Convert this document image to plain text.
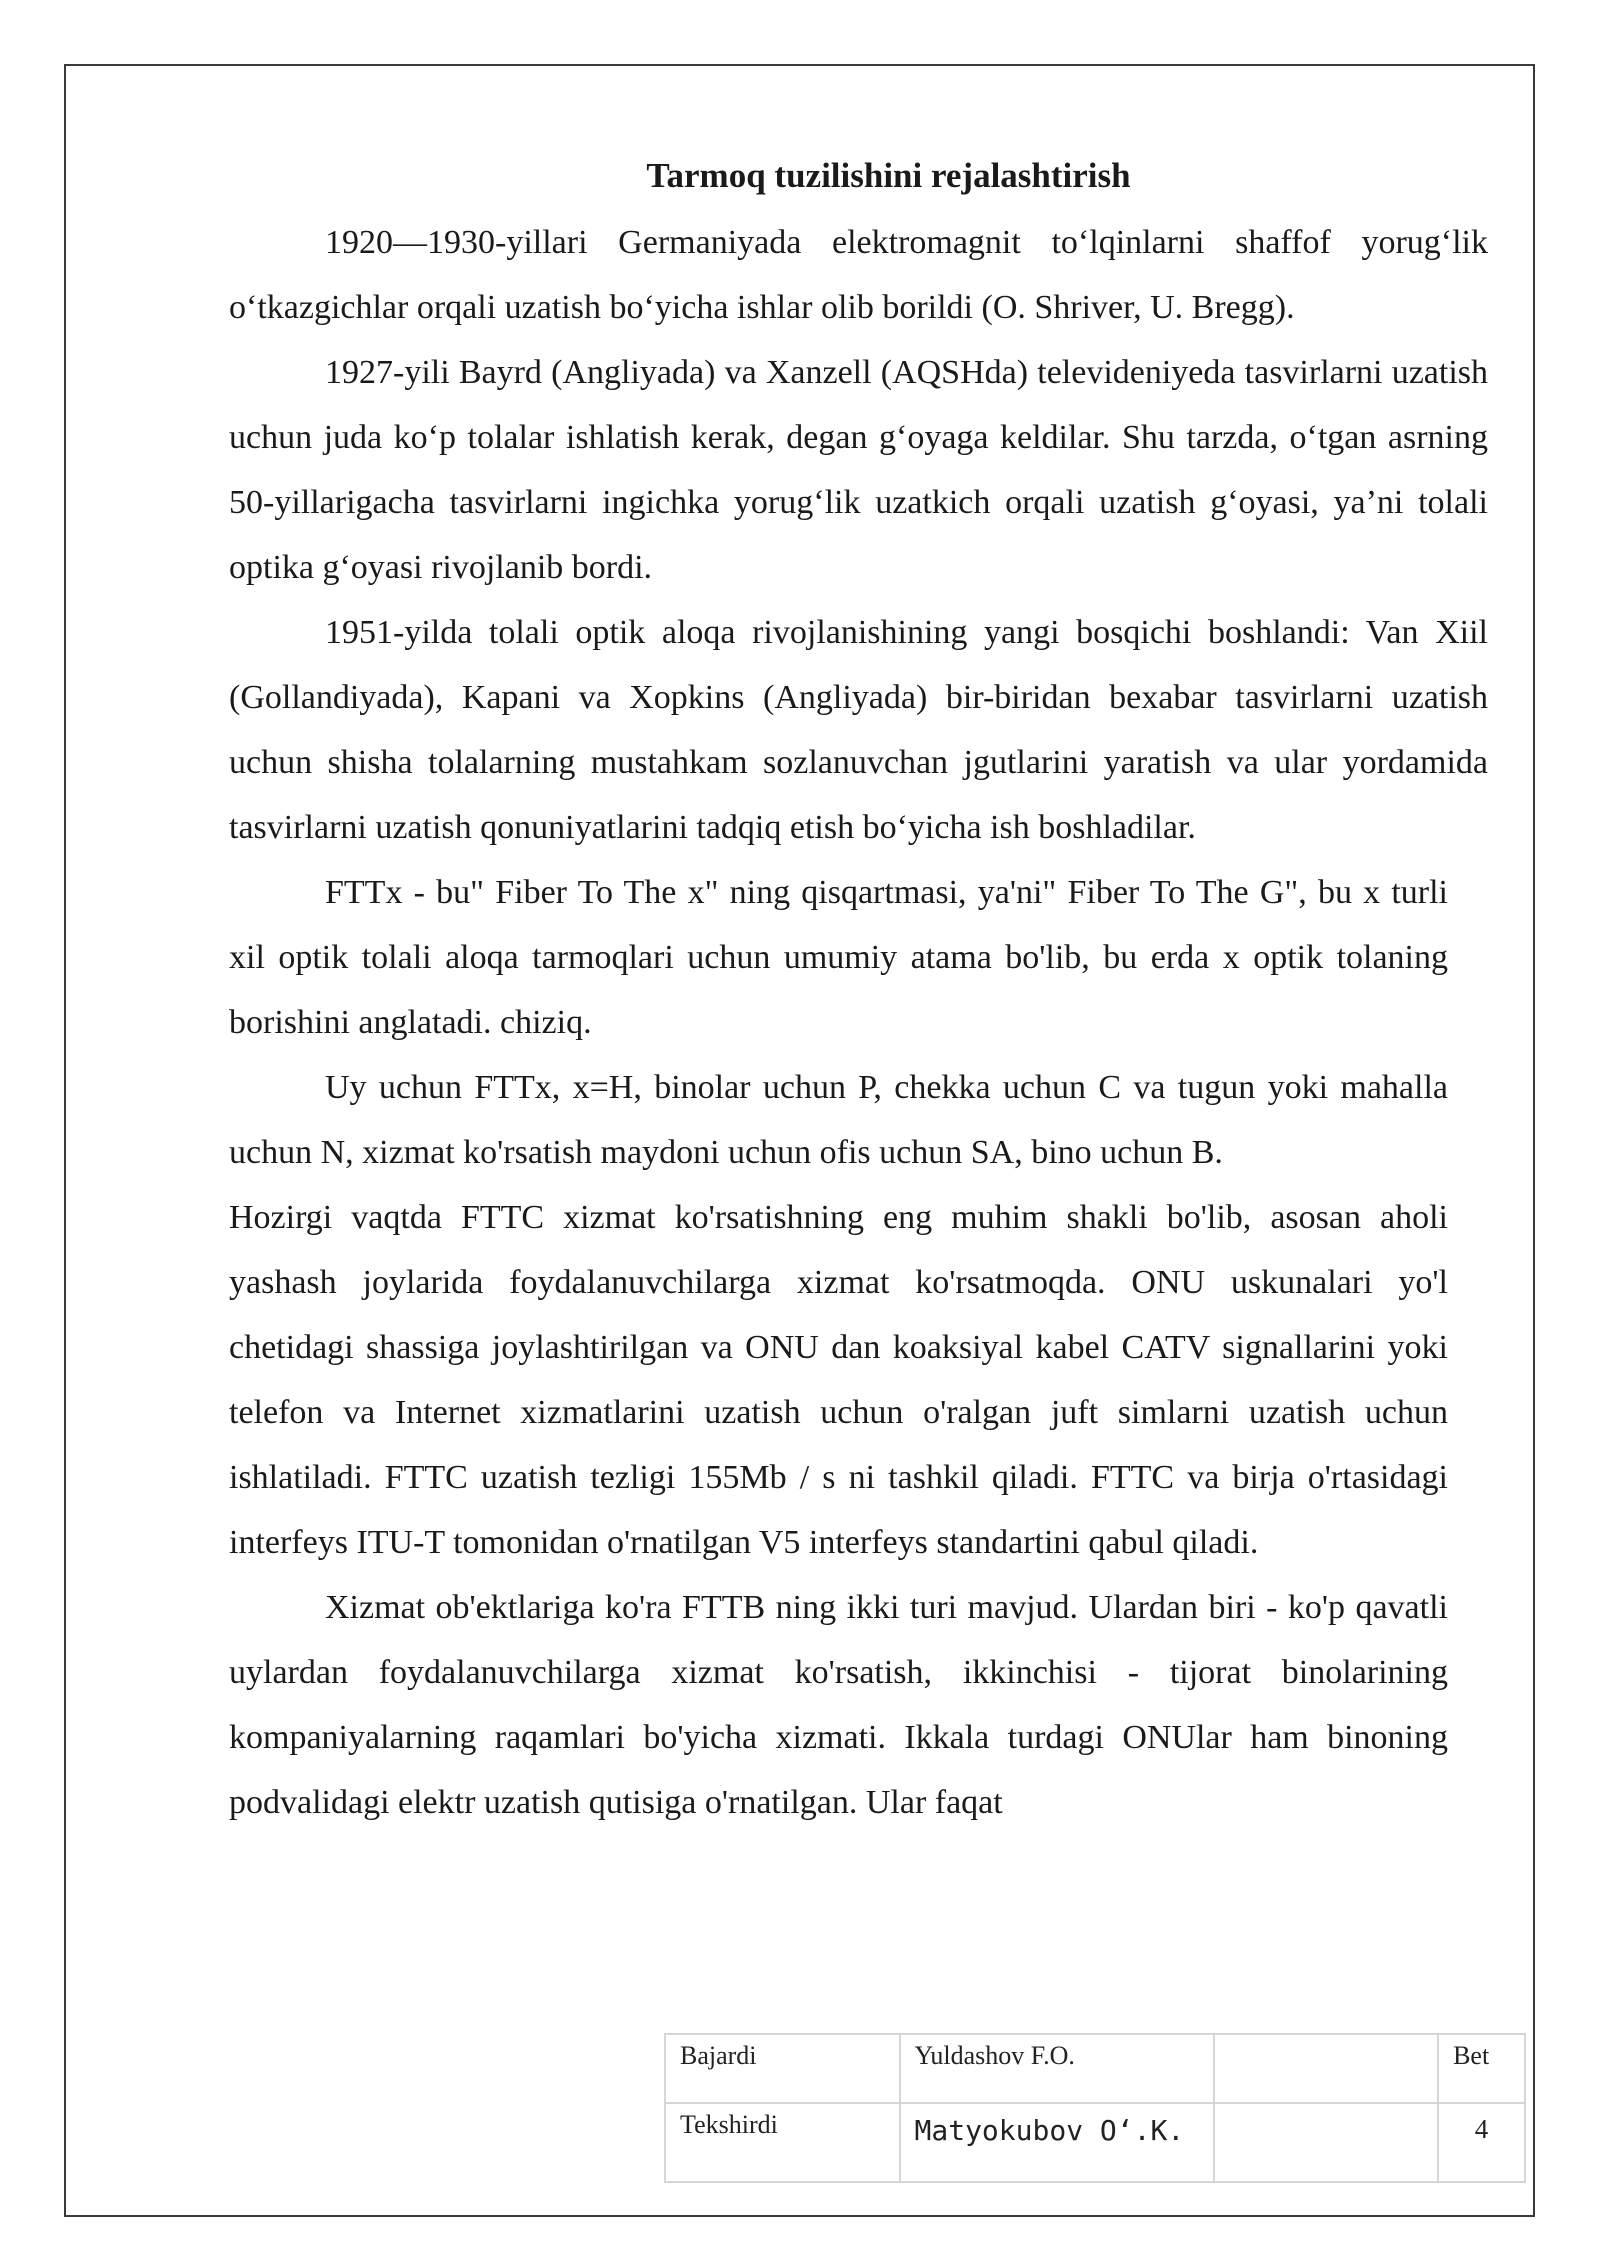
Tarmoq tuzilishini rejalashtirish

1920—1930-yillari Germaniyada elektromagnit to‘lqinlarni shaffof yorug‘lik o‘tkazgichlar orqali uzatish bo‘yicha ishlar olib borildi (O. Shriver, U. Bregg).

1927-yili Bayrd (Angliyada) va Xanzell (AQSHda) televideniyeda tasvirlarni uzatish uchun juda ko‘p tolalar ishlatish kerak, degan g‘oyaga keldilar. Shu tarzda, o‘tgan asrning 50-yillarigacha tasvirlarni ingichka yorug‘lik uzatkich orqali uzatish g‘oyasi, ya’ni tolali optika g‘oyasi rivojlanib bordi.

1951-yilda tolali optik aloqa rivojlanishining yangi bosqichi boshlandi: Van Xiil (Gollandiyada), Kapani va Xopkins (Angliyada) bir-biridan bexabar tasvirlarni uzatish uchun shisha tolalarning mustahkam sozlanuvchan jgutlarini yaratish va ular yordamida tasvirlarni uzatish qonuniyatlarini tadqiq etish bo‘yicha ish boshladilar.

FTTx - bu" Fiber To The x" ning qisqartmasi, ya'ni" Fiber To The G", bu x turli xil optik tolali aloqa tarmoqlari uchun umumiy atama bo'lib, bu erda x optik tolaning borishini anglatadi. chiziq.

Uy uchun FTTx, x=H, binolar uchun P, chekka uchun C va tugun yoki mahalla uchun N, xizmat ko'rsatish maydoni uchun ofis uchun SA, bino uchun B.

Hozirgi vaqtda FTTC xizmat ko'rsatishning eng muhim shakli bo'lib, asosan aholi yashash joylarida foydalanuvchilarga xizmat ko'rsatmoqda. ONU uskunalari yo'l chetidagi shassiga joylashtirilgan va ONU dan koaksiyal kabel CATV signallarini yoki telefon va Internet xizmatlarini uzatish uchun o'ralgan juft simlarni uzatish uchun ishlatiladi. FTTC uzatish tezligi 155Mb / s ni tashkil qiladi. FTTC va birja o'rtasidagi interfeys ITU-T tomonidan o'rnatilgan V5 interfeys standartini qabul qiladi.

Xizmat ob'ektlariga ko'ra FTTB ning ikki turi mavjud. Ulardan biri - ko'p qavatli uylardan foydalanuvchilarga xizmat ko'rsatish, ikkinchisi - tijorat binolarining kompaniyalarning raqamlari bo'yicha xizmati. Ikkala turdagi ONUlar ham binoning podvalidagi elektr uzatish qutisiga o'rnatilgan. Ular faqat

Bajardi	Yuldashov F.O.		Bet
Tekshirdi	Matyokubov O‘.K.		4
